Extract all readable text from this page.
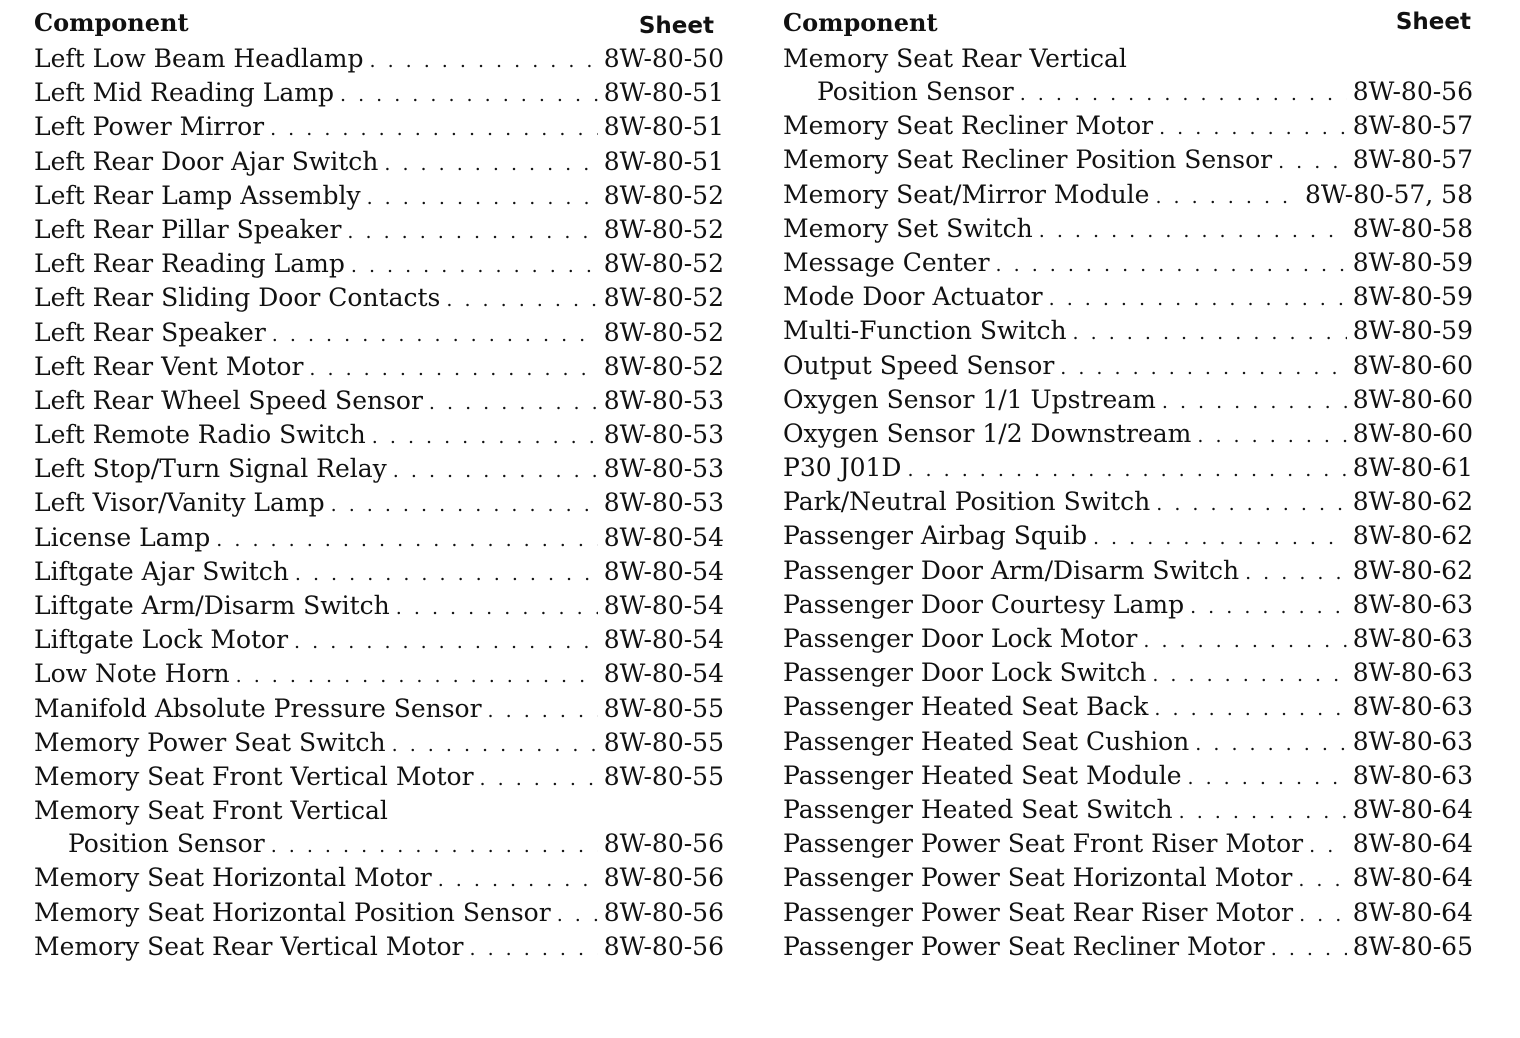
Component	Sheet
Left Low Beam Headlamp . . .	8W-80-50
Left Mid Reading Lamp . . .	8W-80-51
Left Power Mirror . . .	8W-80-51
Left Rear Door Ajar Switch . . .	8W-80-51
Left Rear Lamp Assembly . . .	8W-80-52
Left Rear Pillar Speaker . . .	8W-80-52
Left Rear Reading Lamp . . .	8W-80-52
Left Rear Sliding Door Contacts . . .	8W-80-52
Left Rear Speaker . . .	8W-80-52
Left Rear Vent Motor . . .	8W-80-52
Left Rear Wheel Speed Sensor . . .	8W-80-53
Left Remote Radio Switch . . .	8W-80-53
Left Stop/Turn Signal Relay . . .	8W-80-53
Left Visor/Vanity Lamp . . .	8W-80-53
License Lamp . . .	8W-80-54
Liftgate Ajar Switch . . .	8W-80-54
Liftgate Arm/Disarm Switch . . .	8W-80-54
Liftgate Lock Motor . . .	8W-80-54
Low Note Horn . . .	8W-80-54
Manifold Absolute Pressure Sensor . . .	8W-80-55
Memory Power Seat Switch . . .	8W-80-55
Memory Seat Front Vertical Motor . . .	8W-80-55
Memory Seat Front Vertical
Position Sensor . . .	8W-80-56
Memory Seat Horizontal Motor . . .	8W-80-56
Memory Seat Horizontal Position Sensor . . . 8W-80-56
Memory Seat Rear Vertical Motor . . .	8W-80-56
Component	Sheet
Memory Seat Rear Vertical
Position Sensor . . .	8W-80-56
Memory Seat Recliner Motor . . .	8W-80-57
Memory Seat Recliner Position Sensor . . .	8W-80-57
Memory Seat/Mirror Module . . .	8W-80-57, 58
Memory Set Switch . . .	8W-80-58
Message Center . . .	8W-80-59
Mode Door Actuator . . .	8W-80-59
Multi-Function Switch . . .	8W-80-59
Output Speed Sensor . . .	8W-80-60
Oxygen Sensor 1/1 Upstream . . .	8W-80-60
Oxygen Sensor 1/2 Downstream . . .	8W-80-60
P30 J01D . . .	8W-80-61
Park/Neutral Position Switch . . .	8W-80-62
Passenger Airbag Squib . . .	8W-80-62
Passenger Door Arm/Disarm Switch . . .	8W-80-62
Passenger Door Courtesy Lamp . . .	8W-80-63
Passenger Door Lock Motor . . .	8W-80-63
Passenger Door Lock Switch . . .	8W-80-63
Passenger Heated Seat Back . . .	8W-80-63
Passenger Heated Seat Cushion . . .	8W-80-63
Passenger Heated Seat Module . . .	8W-80-63
Passenger Heated Seat Switch . . .	8W-80-64
Passenger Power Seat Front Riser Motor . . . 8W-80-64
Passenger Power Seat Horizontal Motor . . . 8W-80-64
Passenger Power Seat Rear Riser Motor . . . 8W-80-64
Passenger Power Seat Recliner Motor . . .	8W-80-65
